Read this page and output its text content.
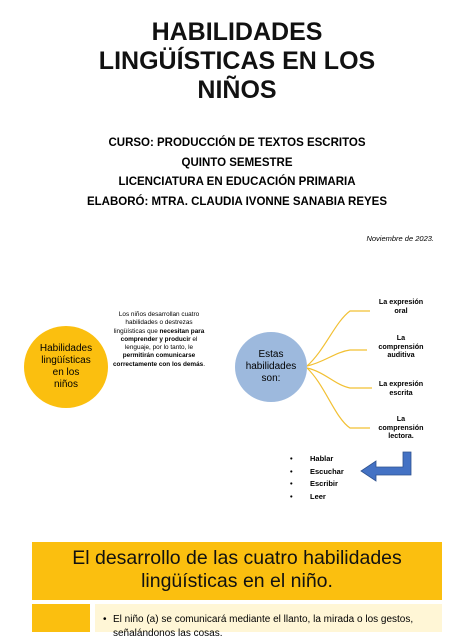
HABILIDADES
LINGÜÍSTICAS EN LOS
NIÑOS
CURSO: PRODUCCIÓN DE TEXTOS ESCRITOS
QUINTO SEMESTRE
LICENCIATURA EN EDUCACIÓN PRIMARIA
ELABORÓ: MTRA. CLAUDIA IVONNE SANABIA REYES
Noviembre de 2023.
Habilidades
lingüísticas
en los
niños
Los niños desarrollan cuatro habilidades o destrezas lingüísticas que necesitan para comprender y producir el lenguaje, por lo tanto, le permitirán comunicarse correctamente con los demás.
Estas
habilidades
son:
La expresión
oral
La
comprensión
auditiva
La expresión
escrita
La
comprensión
lectora.
• Hablar
• Escuchar
• Escribir
• Leer
El desarrollo de las cuatro habilidades
lingüísticas en el niño.
• El niño (a) se comunicará mediante el llanto, la mirada o los gestos,
señalándonos las cosas.
